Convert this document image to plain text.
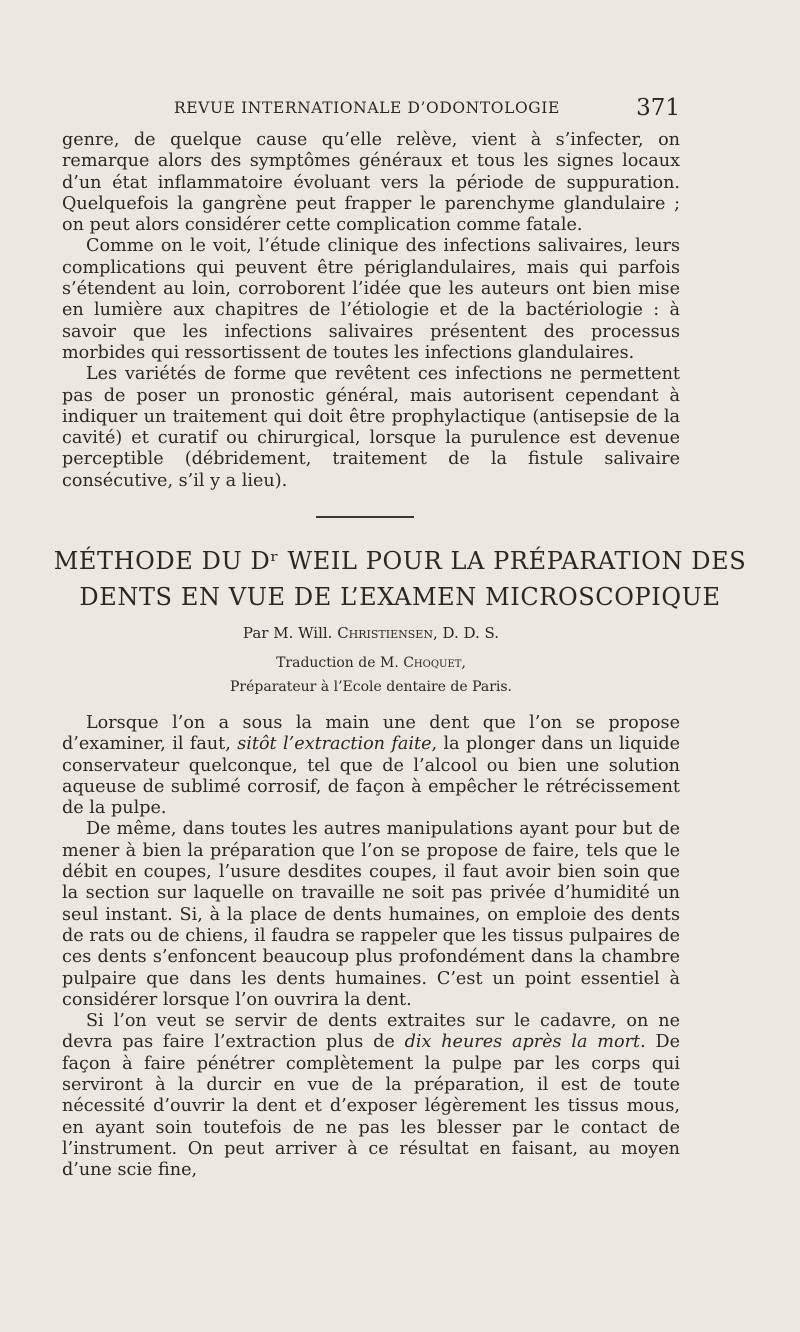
REVUE INTERNATIONALE D’ODONTOLOGIE	371

genre, de quelque cause qu’elle relève, vient à s’infecter, on remarque alors des symptômes généraux et tous les signes locaux d’un état inflammatoire évoluant vers la période de suppuration. Quelquefois la gangrène peut frapper le parenchyme glandulaire ; on peut alors considérer cette complication comme fatale.

Comme on le voit, l’étude clinique des infections salivaires, leurs complications qui peuvent être périglandulaires, mais qui parfois s’étendent au loin, corroborent l’idée que les auteurs ont bien mise en lumière aux chapitres de l’étiologie et de la bactériologie : à savoir que les infections salivaires présentent des processus morbides qui ressortissent de toutes les infections glandulaires.

Les variétés de forme que revêtent ces infections ne permettent pas de poser un pronostic général, mais autorisent cependant à indiquer un traitement qui doit être prophylactique (antisepsie de la cavité) et curatif ou chirurgical, lorsque la purulence est devenue perceptible (débridement, traitement de la fistule salivaire consécutive, s’il y a lieu).

MÉTHODE DU Dʳ WEIL POUR LA PRÉPARATION DES
DENTS EN VUE DE L’EXAMEN MICROSCOPIQUE
Par M. Will. Christiensen, D. D. S.
Traduction de M. Choquet,
Préparateur à l’Ecole dentaire de Paris.

Lorsque l’on a sous la main une dent que l’on se propose d’examiner, il faut, sitôt l’extraction faite, la plonger dans un liquide conservateur quelconque, tel que de l’alcool ou bien une solution aqueuse de sublimé corrosif, de façon à empêcher le rétrécissement de la pulpe.

De même, dans toutes les autres manipulations ayant pour but de mener à bien la préparation que l’on se propose de faire, tels que le débit en coupes, l’usure desdites coupes, il faut avoir bien soin que la section sur laquelle on travaille ne soit pas privée d’humidité un seul instant. Si, à la place de dents humaines, on emploie des dents de rats ou de chiens, il faudra se rappeler que les tissus pulpaires de ces dents s’enfoncent beaucoup plus profondément dans la chambre pulpaire que dans les dents humaines. C’est un point essentiel à considérer lorsque l’on ouvrira la dent.

Si l’on veut se servir de dents extraites sur le cadavre, on ne devra pas faire l’extraction plus de dix heures après la mort. De façon à faire pénétrer complètement la pulpe par les corps qui serviront à la durcir en vue de la préparation, il est de toute nécessité d’ouvrir la dent et d’exposer légèrement les tissus mous, en ayant soin toutefois de ne pas les blesser par le contact de l’instrument. On peut arriver à ce résultat en faisant, au moyen d’une scie fine,
